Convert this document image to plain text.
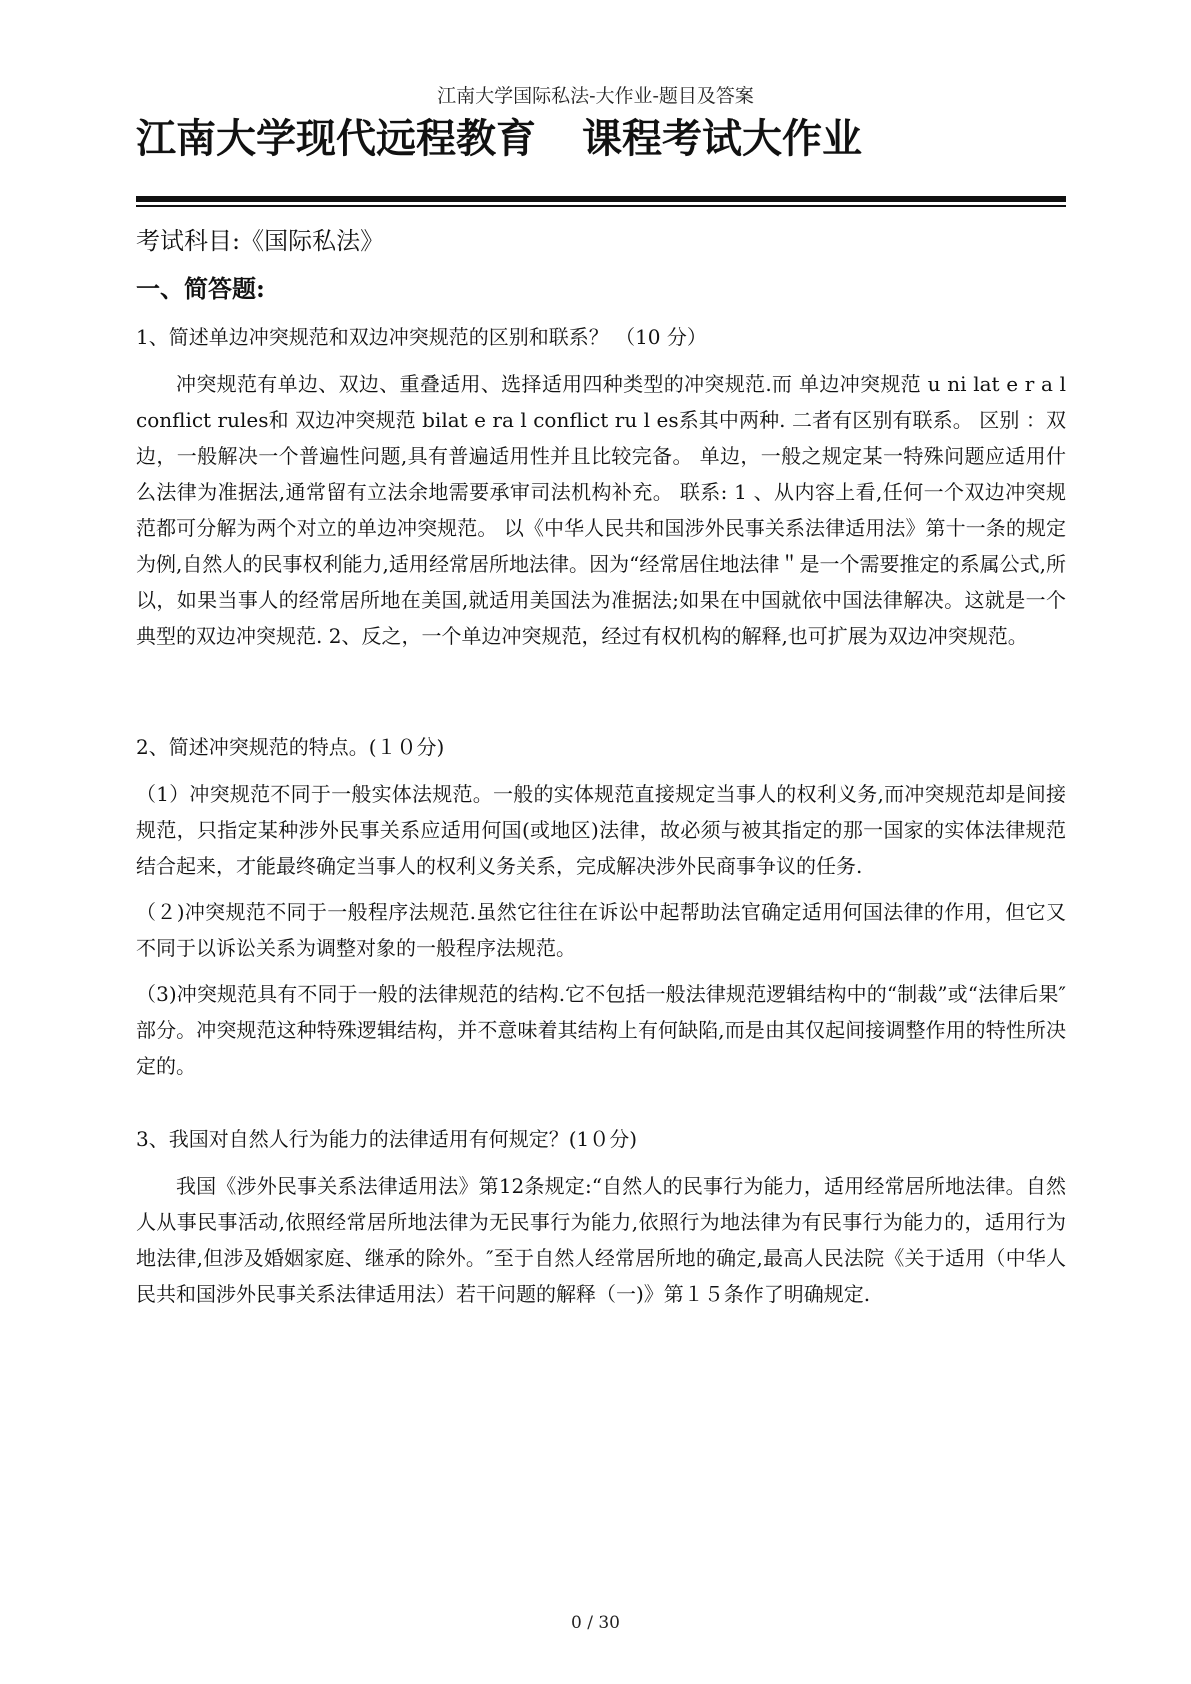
江南大学国际私法-大作业-题目及答案
江南大学现代远程教育 课程考试大作业

考试科目:《国际私法》

一、简答题:

1、简述单边冲突规范和双边冲突规范的区别和联系？ （10 分）

冲突规范有单边、双边、重叠适用、选择适用四种类型的冲突规范.而 单边冲突规范 u ni lat e r a l conflict rules和 双边冲突规范 bilat e ra l conflict ru l es系其中两种. 二者有区别有联系。 区别 ：双边，一般解决一个普遍性问题,具有普遍适用性并且比较完备。 单边，一般之规定某一特殊问题应适用什么法律为准据法,通常留有立法余地需要承审司法机构补充。 联系: 1 、从内容上看,任何一个双边冲突规范都可分解为两个对立的单边冲突规范。 以《中华人民共和国涉外民事关系法律适用法》第十一条的规定为例,自然人的民事权利能力,适用经常居所地法律。因为“经常居住地法律＂是一个需要推定的系属公式,所以，如果当事人的经常居所地在美国,就适用美国法为准据法;如果在中国就依中国法律解决。这就是一个典型的双边冲突规范. 2、反之，一个单边冲突规范，经过有权机构的解释,也可扩展为双边冲突规范。

2、简述冲突规范的特点。(１０分)

（1）冲突规范不同于一般实体法规范。一般的实体规范直接规定当事人的权利义务,而冲突规范却是间接规范，只指定某种涉外民事关系应适用何国(或地区)法律，故必须与被其指定的那一国家的实体法律规范结合起来，才能最终确定当事人的权利义务关系，完成解决涉外民商事争议的任务.

（２)冲突规范不同于一般程序法规范.虽然它往往在诉讼中起帮助法官确定适用何国法律的作用，但它又不同于以诉讼关系为调整对象的一般程序法规范。

（3)冲突规范具有不同于一般的法律规范的结构.它不包括一般法律规范逻辑结构中的“制裁”或“法律后果″部分。冲突规范这种特殊逻辑结构，并不意味着其结构上有何缺陷,而是由其仅起间接调整作用的特性所决定的。

3、我国对自然人行为能力的法律适用有何规定？(1０分)

我国《涉外民事关系法律适用法》第12条规定:“自然人的民事行为能力，适用经常居所地法律。自然人从事民事活动,依照经常居所地法律为无民事行为能力,依照行为地法律为有民事行为能力的，适用行为地法律,但涉及婚姻家庭、继承的除外。″至于自然人经常居所地的确定,最高人民法院《关于适用（中华人民共和国涉外民事关系法律适用法）若干问题的解释（一)》第１５条作了明确规定.

0 / 30
